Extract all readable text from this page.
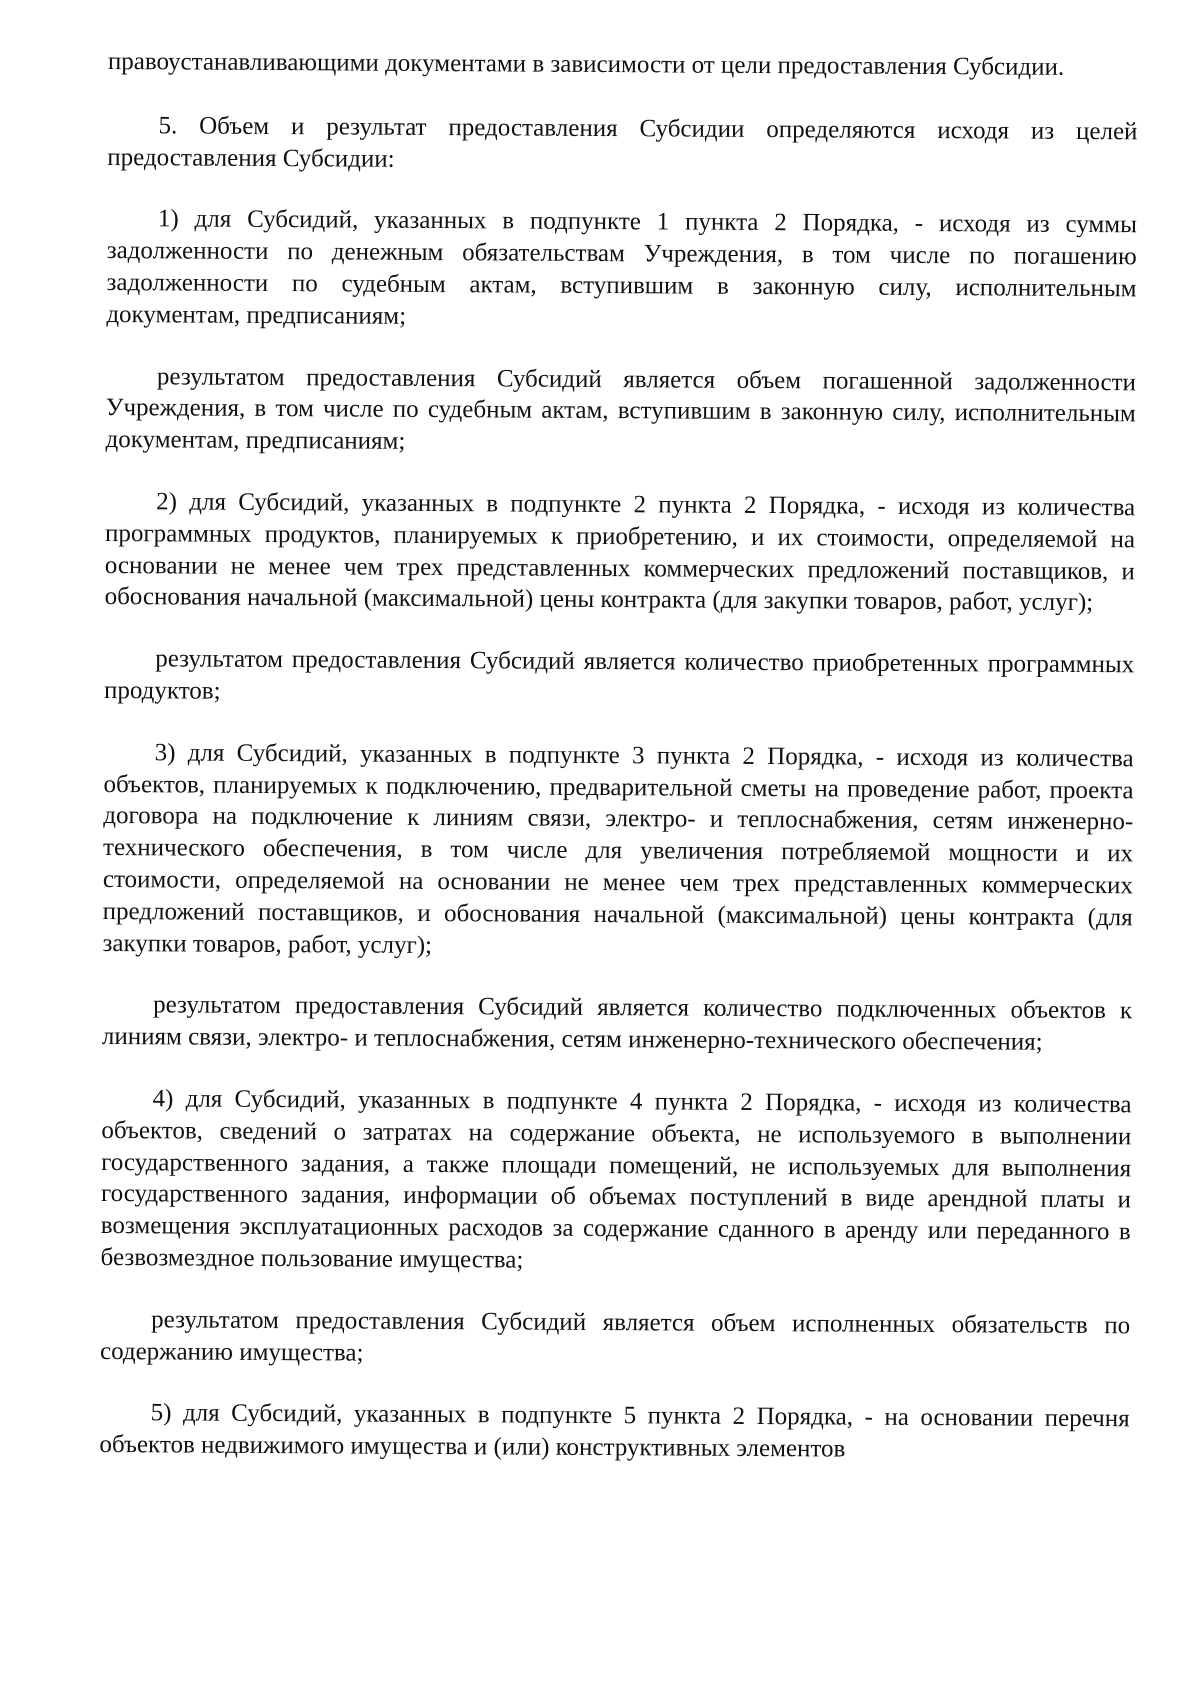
правоустанавливающими документами в зависимости от цели предоставления Субсидии.

5. Объем и результат предоставления Субсидии определяются исходя из целей предоставления Субсидии:

1) для Субсидий, указанных в подпункте 1 пункта 2 Порядка, - исходя из суммы задолженности по денежным обязательствам Учреждения, в том числе по погашению задолженности по судебным актам, вступившим в законную силу, исполнительным документам, предписаниям;

результатом предоставления Субсидий является объем погашенной задолженности Учреждения, в том числе по судебным актам, вступившим в законную силу, исполнительным документам, предписаниям;

2) для Субсидий, указанных в подпункте 2 пункта 2 Порядка, - исходя из количества программных продуктов, планируемых к приобретению, и их стоимости, определяемой на основании не менее чем трех представленных коммерческих предложений поставщиков, и обоснования начальной (максимальной) цены контракта (для закупки товаров, работ, услуг);

результатом предоставления Субсидий является количество приобретенных программных продуктов;

3) для Субсидий, указанных в подпункте 3 пункта 2 Порядка, - исходя из количества объектов, планируемых к подключению, предварительной сметы на проведение работ, проекта договора на подключение к линиям связи, электро- и теплоснабжения, сетям инженерно-технического обеспечения, в том числе для увеличения потребляемой мощности и их стоимости, определяемой на основании не менее чем трех представленных коммерческих предложений поставщиков, и обоснования начальной (максимальной) цены контракта (для закупки товаров, работ, услуг);

результатом предоставления Субсидий является количество подключенных объектов к линиям связи, электро- и теплоснабжения, сетям инженерно-технического обеспечения;

4) для Субсидий, указанных в подпункте 4 пункта 2 Порядка, - исходя из количества объектов, сведений о затратах на содержание объекта, не используемого в выполнении государственного задания, а также площади помещений, не используемых для выполнения государственного задания, информации об объемах поступлений в виде арендной платы и возмещения эксплуатационных расходов за содержание сданного в аренду или переданного в безвозмездное пользование имущества;

результатом предоставления Субсидий является объем исполненных обязательств по содержанию имущества;

5) для Субсидий, указанных в подпункте 5 пункта 2 Порядка, - на основании перечня объектов недвижимого имущества и (или) конструктивных элементов
